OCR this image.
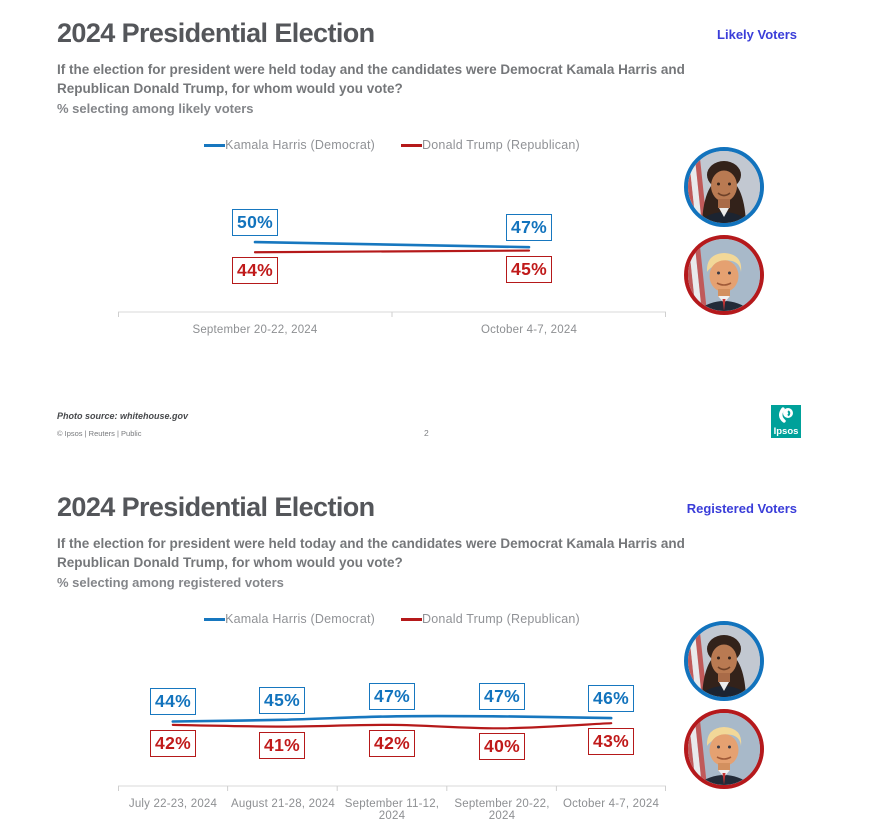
2024 Presidential Election	Likely Voters

If the election for president were held today and the candidates were Democrat Kamala Harris and Republican Donald Trump, for whom would you vote?

% selecting among likely voters

Kamala Harris (Democrat)	Donald Trump (Republican)
50%	47%
44%	45%
September 20-22, 2024	October 4-7, 2024
Photo source: whitehouse.gov
© Ipsos | Reuters | Public	2	Ipsos
2024 Presidential Election	Registered Voters

If the election for president were held today and the candidates were Democrat Kamala Harris and Republican Donald Trump, for whom would you vote?

% selecting among registered voters

Kamala Harris (Democrat)	Donald Trump (Republican)
44%	45%	47%	47%	46%
42%	41%	42%	40%	43%
July 22-23, 2024	August 21-28, 2024 September 11-12, 2024
September 20-22, 2024
October 4-7, 2024
